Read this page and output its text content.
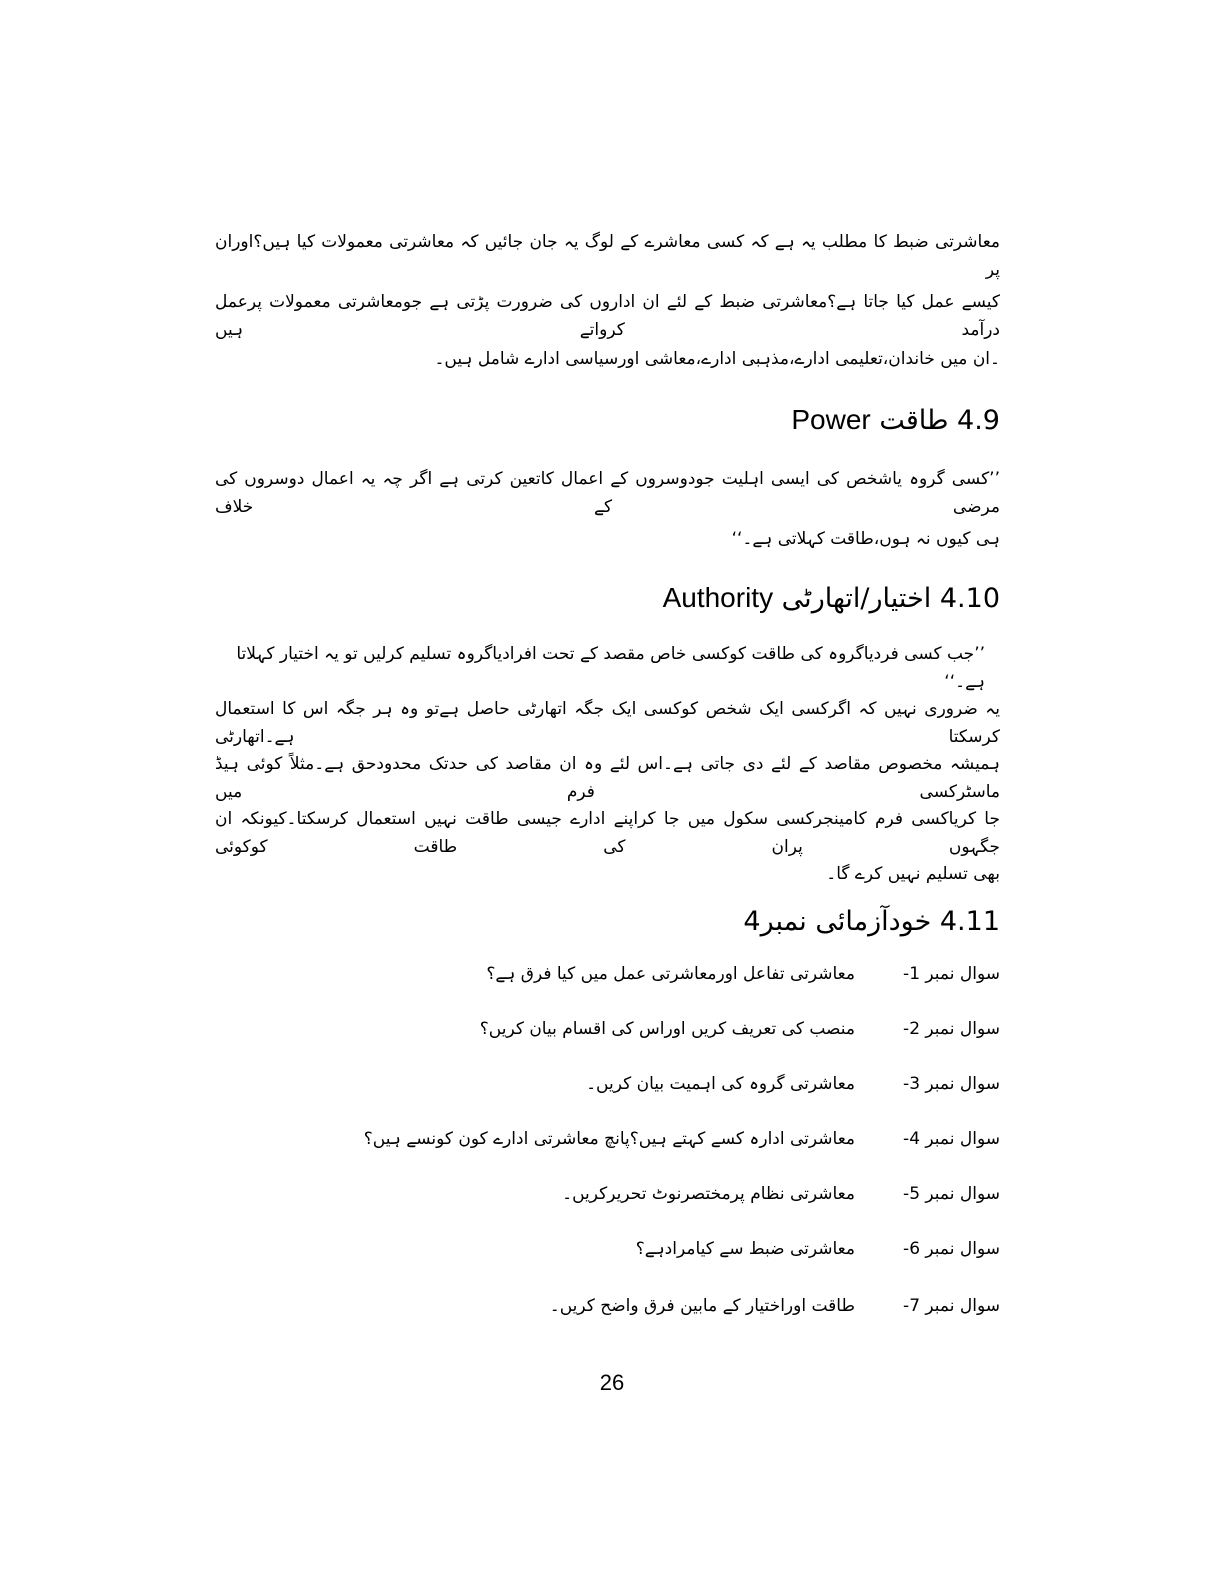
معاشرتی ضبط کا مطلب یہ ہے کہ کسی معاشرے کے لوگ یہ جان جائیں کہ معاشرتی معمولات کیا ہیں؟اوران پر
کیسے عمل کیا جاتا ہے؟معاشرتی ضبط کے لئے ان اداروں کی ضرورت پڑتی ہے جومعاشرتی معمولات پرعمل درآمد کرواتے ہیں
۔ان میں خاندان،تعلیمی ادارے،مذہبی ادارے،معاشی اورسیاسی ادارے شامل ہیں۔
4.9 طاقت Power
’’کسی گروہ یاشخص کی ایسی اہلیت جودوسروں کے اعمال کاتعین کرتی ہے اگر چہ یہ اعمال دوسروں کی مرضی کے خلاف
ہی کیوں نہ ہوں،طاقت کہلاتی ہے۔‘‘
4.10 اختیار/اتھارٹی Authority
’’جب کسی فردیاگروہ کی طاقت کوکسی خاص مقصد کے تحت افرادیاگروہ تسلیم کرلیں تو یہ اختیار کہلاتا ہے۔‘‘
یہ ضروری نہیں کہ اگرکسی ایک شخص کوکسی ایک جگہ اتھارٹی حاصل ہےتو وہ ہر جگہ اس کا استعمال کرسکتا ہے۔اتھارٹی
ہمیشہ مخصوص مقاصد کے لئے دی جاتی ہے۔اس لئے وہ ان مقاصد کی حدتک محدودحق ہے۔مثلاً کوئی ہیڈ ماسٹرکسی فرم میں
جا کریاکسی فرم کامینجرکسی سکول میں جا کراپنے ادارے جیسی طاقت نہیں استعمال کرسکتا۔کیونکہ ان جگہوں پران کی طاقت کوکوئی
بھی تسلیم نہیں کرے گا۔
4.11 خودآزمائی نمبر4
سوال نمبر 1-معاشرتی تفاعل اورمعاشرتی عمل میں کیا فرق ہے؟
سوال نمبر 2-منصب کی تعریف کریں اوراس کی اقسام بیان کریں؟
سوال نمبر 3-معاشرتی گروہ کی اہمیت بیان کریں۔
سوال نمبر 4-معاشرتی ادارہ کسے کہتے ہیں؟پانچ معاشرتی ادارے کون کونسے ہیں؟
سوال نمبر 5-معاشرتی نظام پرمختصرنوٹ تحریرکریں۔
سوال نمبر 6-معاشرتی ضبط سے کیامرادہے؟
سوال نمبر 7-طاقت اوراختیار کے مابین فرق واضح کریں۔
26
